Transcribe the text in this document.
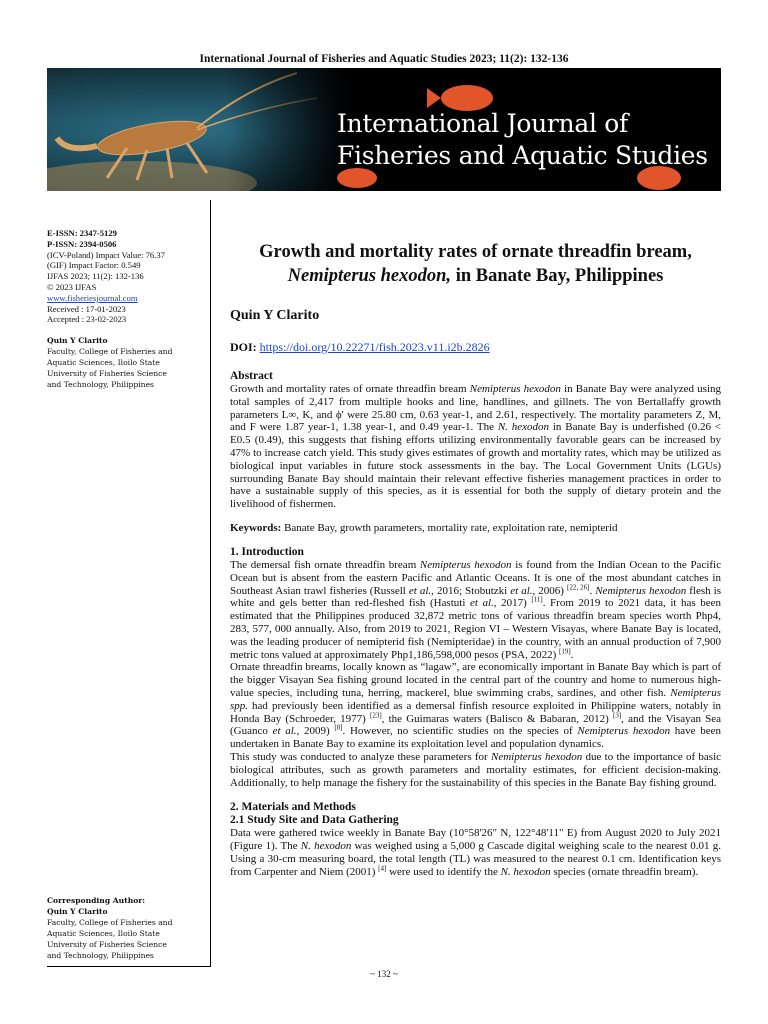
International Journal of Fisheries and Aquatic Studies 2023; 11(2): 132-136
International Journal of
Fisheries and Aquatic Studies
E-ISSN: 2347-5129
P-ISSN: 2394-0506
(ICV-Poland) Impact Value: 76.37
(GIF) Impact Factor: 0.549
IJFAS 2023; 11(2): 132-136
© 2023 IJFAS
www.fisheriesjournal.com
Received : 17-01-2023
Accepted : 23-02-2023
Quin Y Clarito
Faculty, College of Fisheries and
Aquatic Sciences, Iloilo State
University of Fisheries Science
and Technology, Philippines
Corresponding Author:
Quin Y Clarito
Faculty, College of Fisheries and
Aquatic Sciences, Iloilo State
University of Fisheries Science
and Technology, Philippines
Growth and mortality rates of ornate threadfin bream,
Nemipterus hexodon, in Banate Bay, Philippines
Quin Y Clarito
DOI: https://doi.org/10.22271/fish.2023.v11.i2b.2826
Abstract

Growth and mortality rates of ornate threadfin bream Nemipterus hexodon in Banate Bay were analyzed using total samples of 2,417 from multiple hooks and line, handlines, and gillnets. The von Bertallaffy growth parameters L∞, K, and ϕ' were 25.80 cm, 0.63 year-1, and 2.61, respectively. The mortality parameters Z, M, and F were 1.87 year-1, 1.38 year-1, and 0.49 year-1. The N. hexodon in Banate Bay is underfished (0.26 < E0.5 (0.49), this suggests that fishing efforts utilizing environmentally favorable gears can be increased by 47% to increase catch yield. This study gives estimates of growth and mortality rates, which may be utilized as biological input variables in future stock assessments in the bay. The Local Government Units (LGUs) surrounding Banate Bay should maintain their relevant effective fisheries management practices in order to have a sustainable supply of this species, as it is essential for both the supply of dietary protein and the livelihood of fishermen.

Keywords: Banate Bay, growth parameters, mortality rate, exploitation rate, nemipterid
1. Introduction

The demersal fish ornate threadfin bream Nemipterus hexodon is found from the Indian Ocean to the Pacific Ocean but is absent from the eastern Pacific and Atlantic Oceans. It is one of the most abundant catches in Southeast Asian trawl fisheries (Russell et al., 2016; Stobutzki et al., 2006) [22, 26]. Nemipterus hexodon flesh is white and gels better than red-fleshed fish (Hastuti et al., 2017) [11]. From 2019 to 2021 data, it has been estimated that the Philippines produced 32,872 metric tons of various threadfin bream species worth Php4, 283, 577, 000 annually. Also, from 2019 to 2021, Region VI – Western Visayas, where Banate Bay is located, was the leading producer of nemipterid fish (Nemipteridae) in the country, with an annual production of 7,900 metric tons valued at approximately Php1,186,598,000 pesos (PSA, 2022) [19].

Ornate threadfin breams, locally known as “lagaw”, are economically important in Banate Bay which is part of the bigger Visayan Sea fishing ground located in the central part of the country and home to numerous high-value species, including tuna, herring, mackerel, blue swimming crabs, sardines, and other fish. Nemipterus spp. had previously been identified as a demersal finfish resource exploited in Philippine waters, notably in Honda Bay (Schroeder, 1977) [23], the Guimaras waters (Balisco & Babaran, 2012) [3], and the Visayan Sea (Guanco et al., 2009) [8]. However, no scientific studies on the species of Nemipterus hexodon have been undertaken in Banate Bay to examine its exploitation level and population dynamics.

This study was conducted to analyze these parameters for Nemipterus hexodon due to the importance of basic biological attributes, such as growth parameters and mortality estimates, for efficient decision-making. Additionally, to help manage the fishery for the sustainability of this species in the Banate Bay fishing ground.

2. Materials and Methods
2.1 Study Site and Data Gathering

Data were gathered twice weekly in Banate Bay (10°58'26" N, 122°48'11" E) from August 2020 to July 2021 (Figure 1). The N. hexodon was weighed using a 5,000 g Cascade digital weighing scale to the nearest 0.01 g. Using a 30-cm measuring board, the total length (TL) was measured to the nearest 0.1 cm. Identification keys from Carpenter and Niem (2001) [4] were used to identify the N. hexodon species (ornate threadfin bream).

~ 132 ~
